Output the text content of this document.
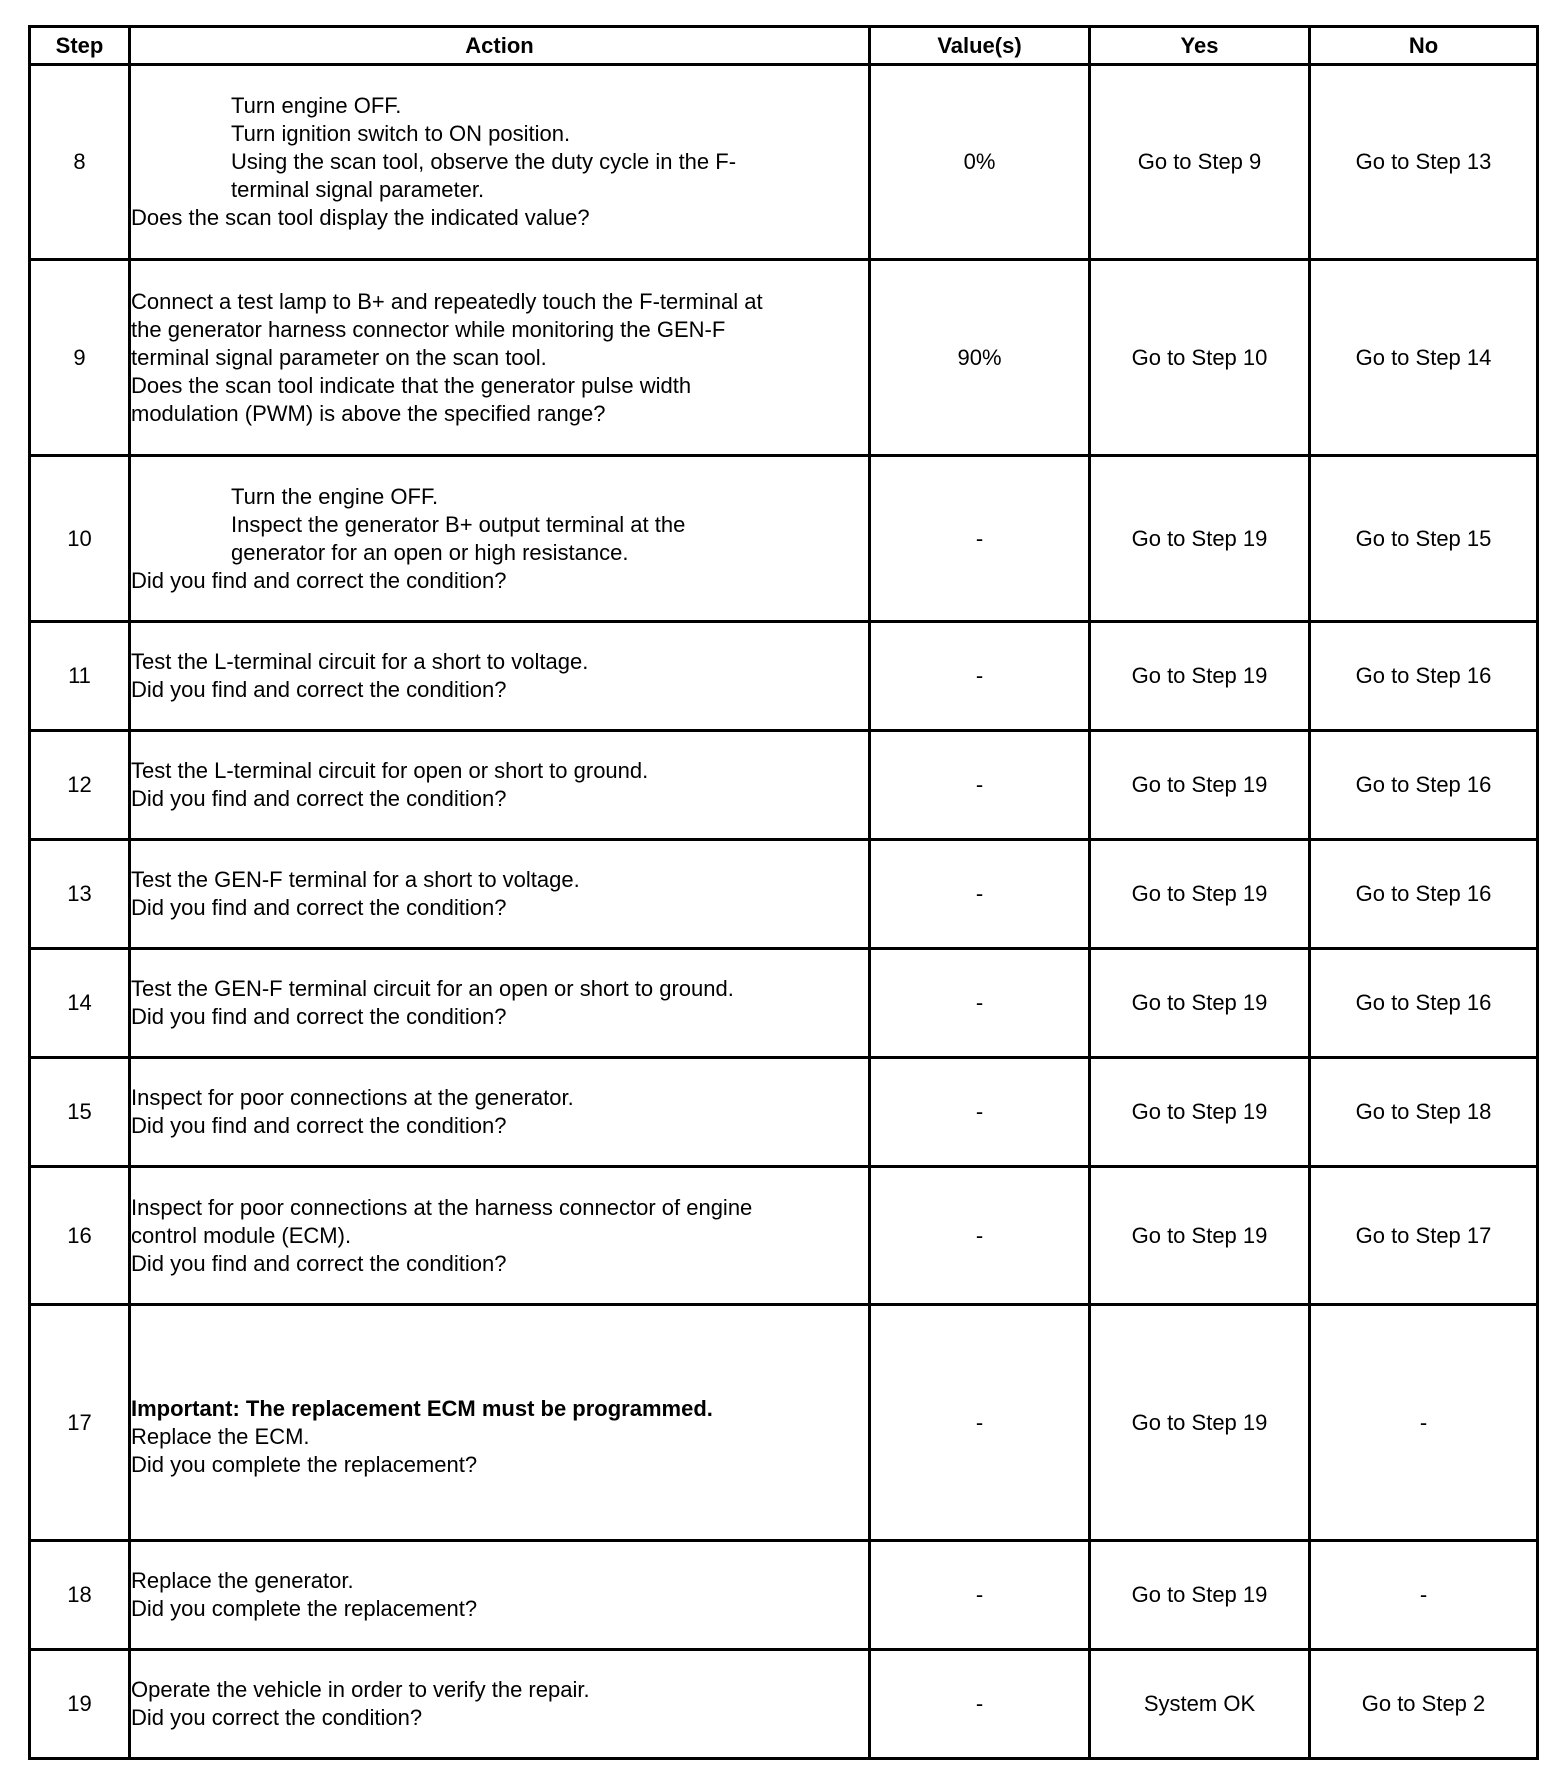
Step	Action	Value(s)	Yes	No
8	Turn engine OFF.
Turn ignition switch to ON position.
Using the scan tool, observe the duty cycle in the F-
terminal signal parameter.
Does the scan tool display the indicated value?	0%	Go to Step 9	Go to Step 13
9	Connect a test lamp to B+ and repeatedly touch the F-terminal at
the generator harness connector while monitoring the GEN-F
terminal signal parameter on the scan tool.
Does the scan tool indicate that the generator pulse width
modulation (PWM) is above the specified range?	90%	Go to Step 10	Go to Step 14
10	Turn the engine OFF.
Inspect the generator B+ output terminal at the
generator for an open or high resistance.
Did you find and correct the condition?	-	Go to Step 19	Go to Step 15
11	Test the L-terminal circuit for a short to voltage.
Did you find and correct the condition?	-	Go to Step 19	Go to Step 16
12	Test the L-terminal circuit for open or short to ground.
Did you find and correct the condition?	-	Go to Step 19	Go to Step 16
13	Test the GEN-F terminal for a short to voltage.
Did you find and correct the condition?	-	Go to Step 19	Go to Step 16
14	Test the GEN-F terminal circuit for an open or short to ground.
Did you find and correct the condition?	-	Go to Step 19	Go to Step 16
15	Inspect for poor connections at the generator.
Did you find and correct the condition?	-	Go to Step 19	Go to Step 18
16	Inspect for poor connections at the harness connector of engine
control module (ECM).
Did you find and correct the condition?	-	Go to Step 19	Go to Step 17
17	Important: The replacement ECM must be programmed.
Replace the ECM.
Did you complete the replacement?	-	Go to Step 19	-
18	Replace the generator.
Did you complete the replacement?	-	Go to Step 19	-
19	Operate the vehicle in order to verify the repair.
Did you correct the condition?	-	System OK	Go to Step 2
